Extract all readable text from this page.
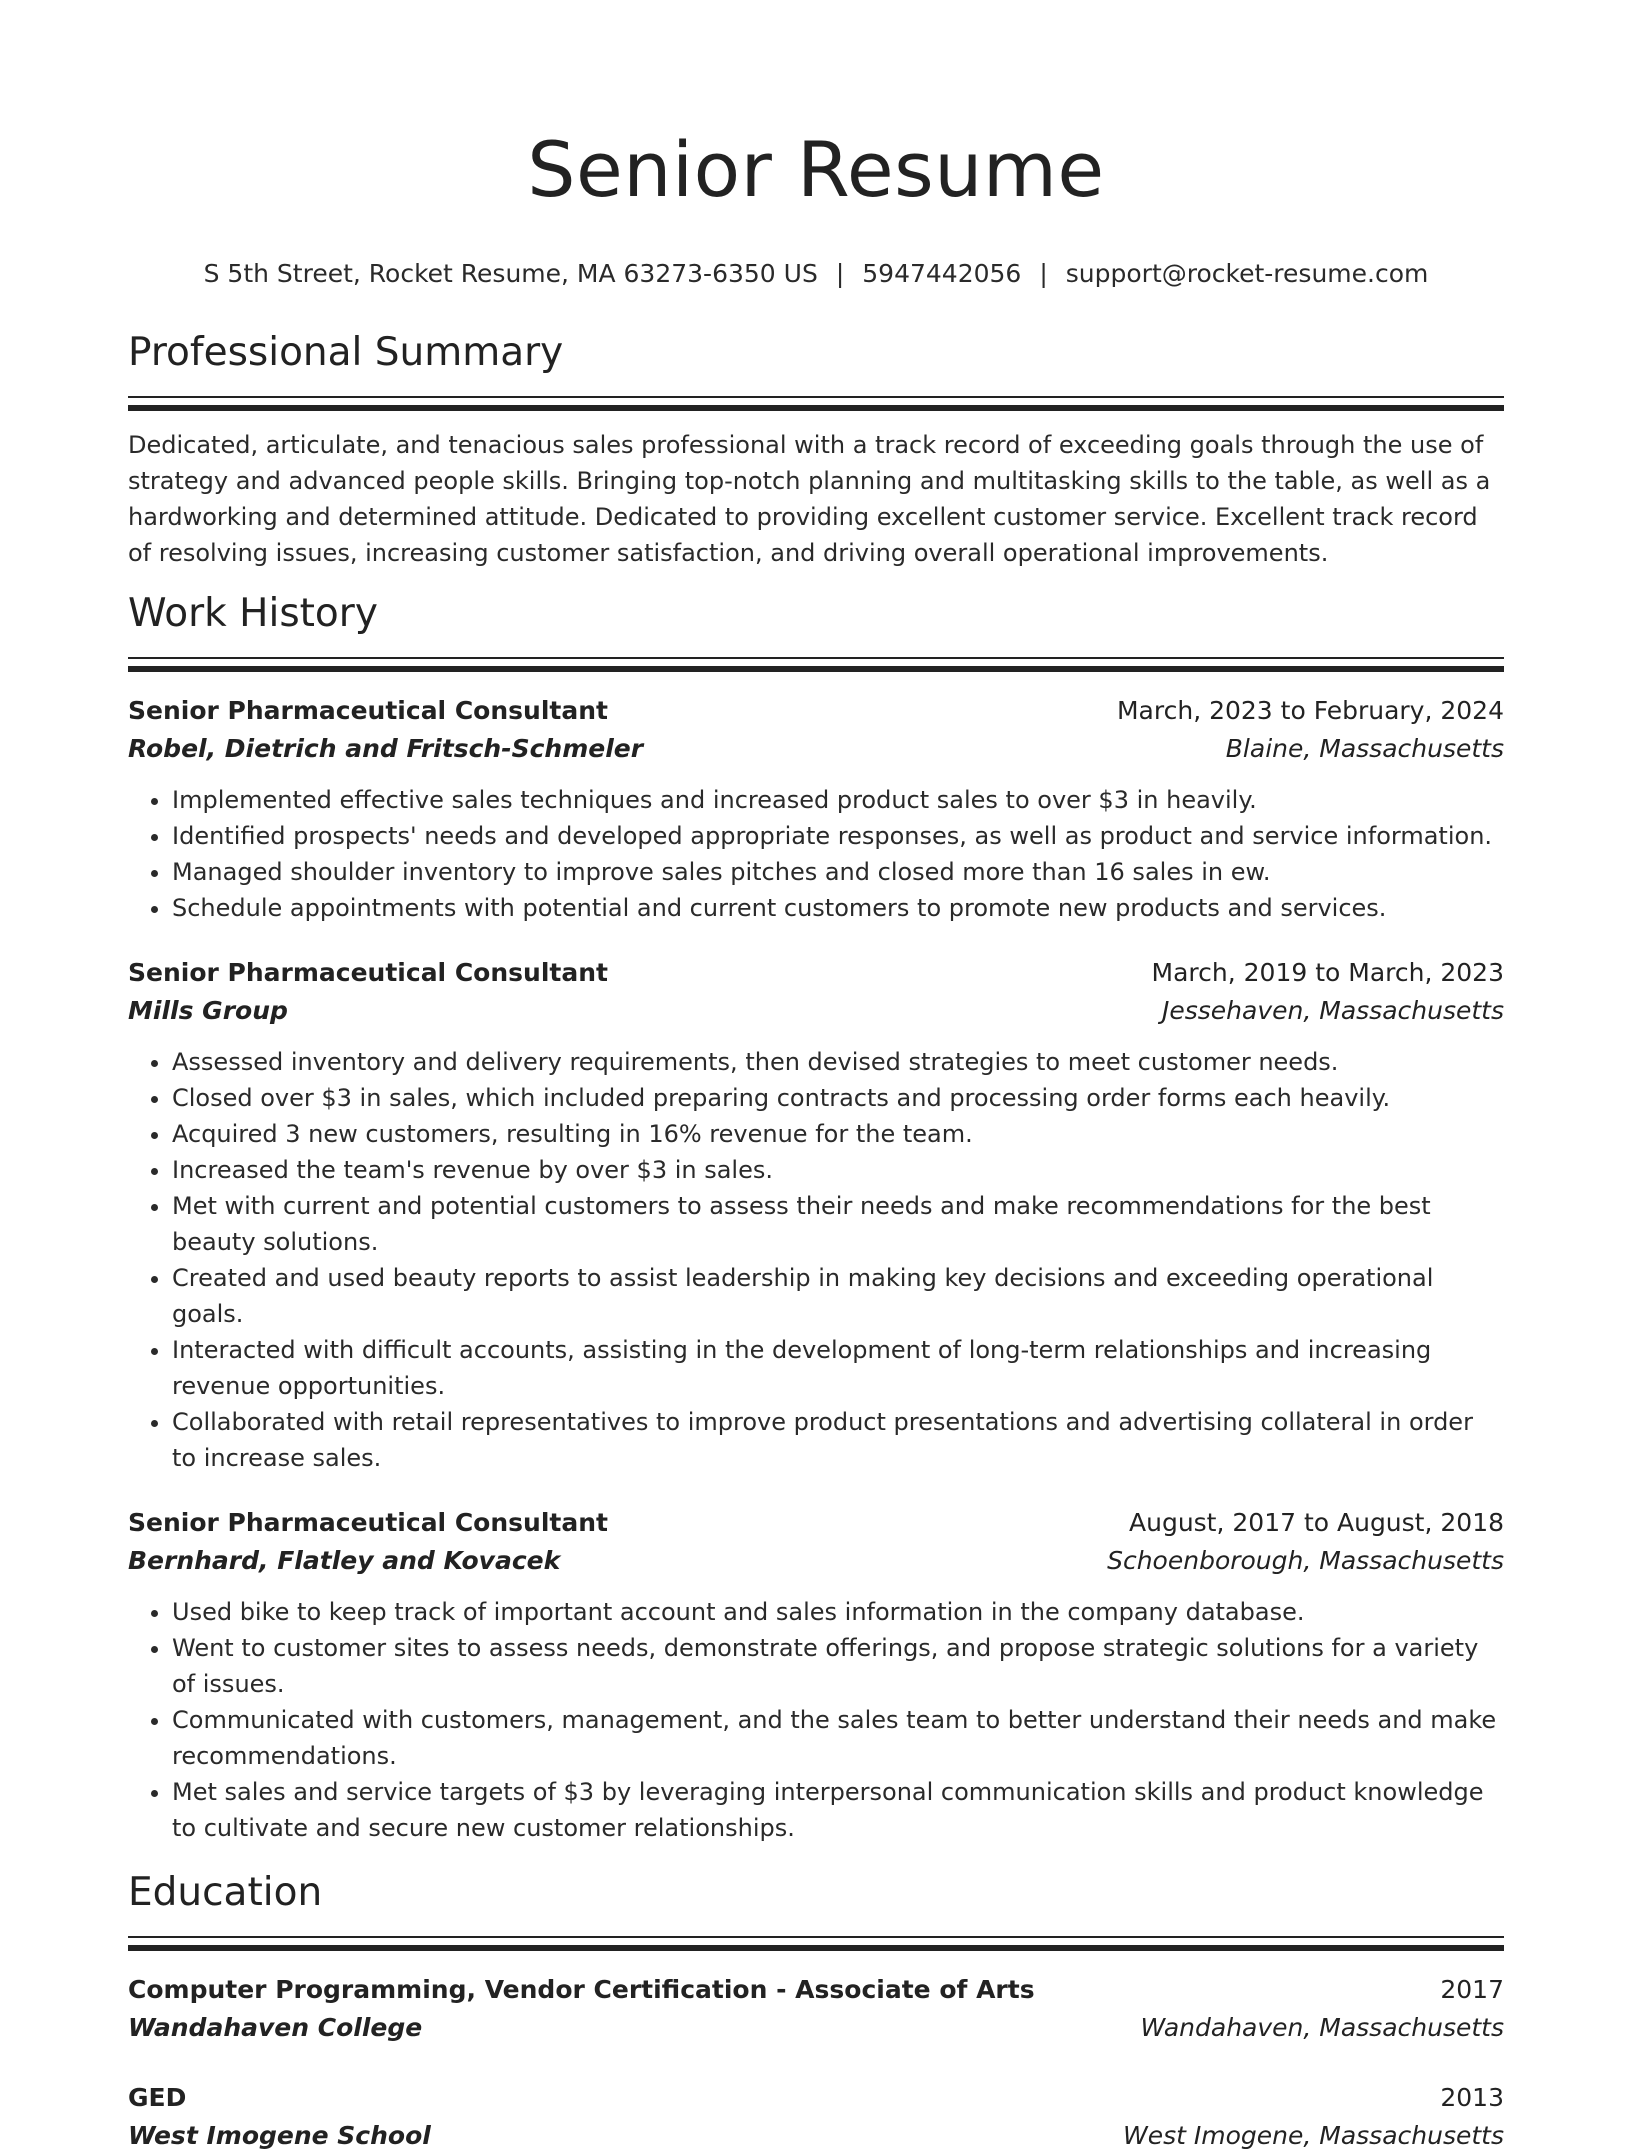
Senior Resume
S 5th Street, Rocket Resume, MA 63273-6350 US | 5947442056 | support@rocket-resume.com
Professional Summary

Dedicated, articulate, and tenacious sales professional with a track record of exceeding goals through the use of strategy and advanced people skills. Bringing top-notch planning and multitasking skills to the table, as well as a hardworking and determined attitude. Dedicated to providing excellent customer service. Excellent track record of resolving issues, increasing customer satisfaction, and driving overall operational improvements.

Work History
Senior Pharmaceutical Consultant	March, 2023 to February, 2024
Robel, Dietrich and Fritsch-Schmeler	Blaine, Massachusetts
• Implemented effective sales techniques and increased product sales to over $3 in heavily.
• Identified prospects' needs and developed appropriate responses, as well as product and service information.
• Managed shoulder inventory to improve sales pitches and closed more than 16 sales in ew.
• Schedule appointments with potential and current customers to promote new products and services.
Senior Pharmaceutical Consultant	March, 2019 to March, 2023
Mills Group	Jessehaven, Massachusetts
• Assessed inventory and delivery requirements, then devised strategies to meet customer needs.
• Closed over $3 in sales, which included preparing contracts and processing order forms each heavily.
• Acquired 3 new customers, resulting in 16% revenue for the team.
• Increased the team's revenue by over $3 in sales.
• Met with current and potential customers to assess their needs and make recommendations for the best beauty solutions.
• Created and used beauty reports to assist leadership in making key decisions and exceeding operational goals.
• Interacted with difficult accounts, assisting in the development of long-term relationships and increasing revenue opportunities.
• Collaborated with retail representatives to improve product presentations and advertising collateral in order to increase sales.
Senior Pharmaceutical Consultant	August, 2017 to August, 2018
Bernhard, Flatley and Kovacek	Schoenborough, Massachusetts
• Used bike to keep track of important account and sales information in the company database.
• Went to customer sites to assess needs, demonstrate offerings, and propose strategic solutions for a variety of issues.
• Communicated with customers, management, and the sales team to better understand their needs and make recommendations.
• Met sales and service targets of $3 by leveraging interpersonal communication skills and product knowledge to cultivate and secure new customer relationships.
Education
Computer Programming, Vendor Certification - Associate of Arts	2017
Wandahaven College	Wandahaven, Massachusetts
GED	2013
West Imogene School	West Imogene, Massachusetts
